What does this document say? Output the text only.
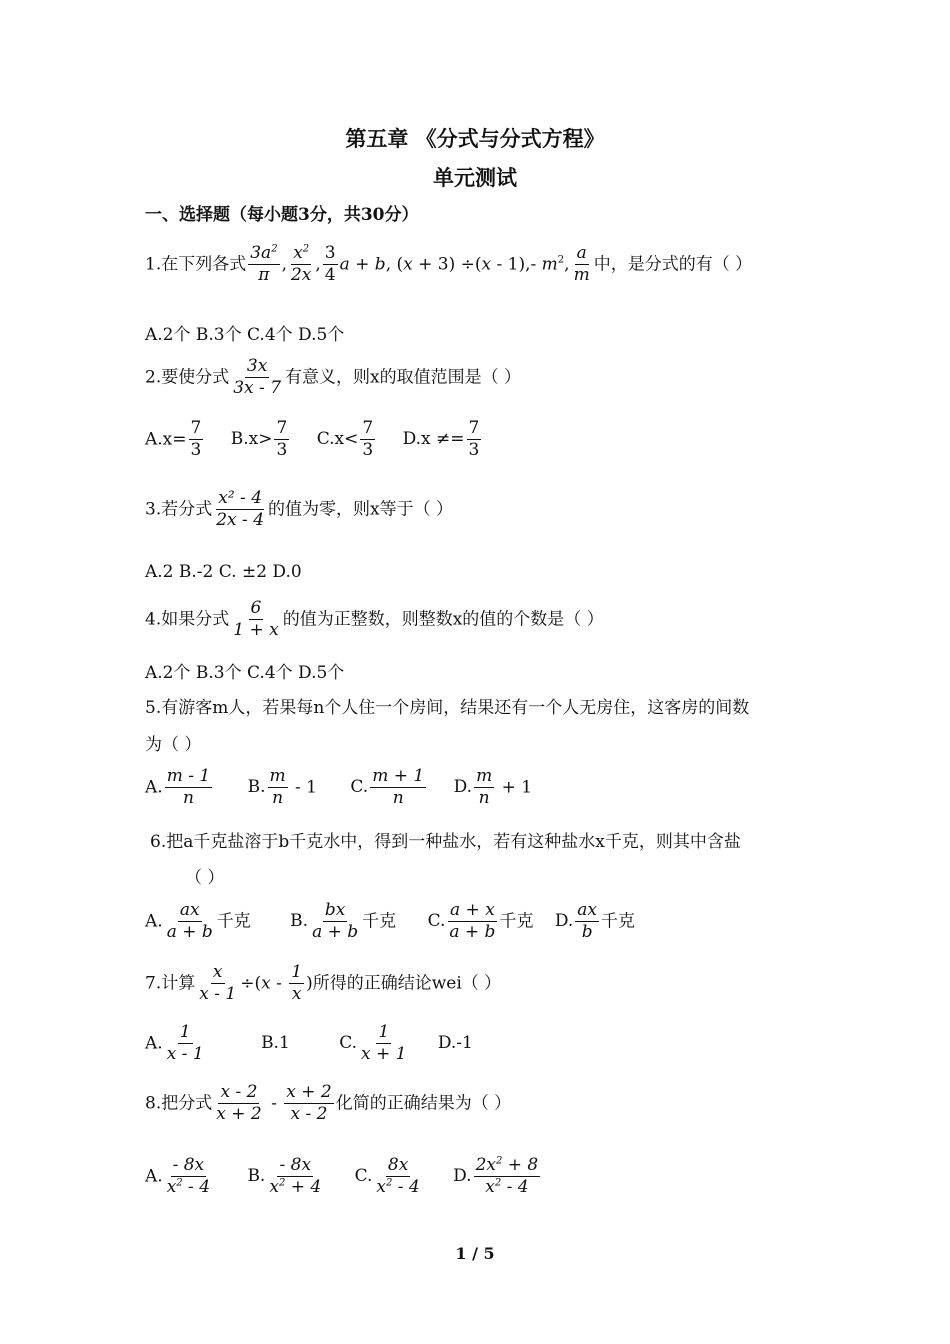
第五章 《分式与分式方程》
单元测试
一、选择题（每小题3分，共30分）
1.在下列各式 $\frac{3a^2}{\pi}$ , $\frac{x^2}{2x}$ , $\frac{3}{4}$ a + b, (x + 3) ÷(x - 1),- $m^2$, $\frac{a}{m}$ 中，是分式的有（ ）
A.2个 B.3个 C.4个 D.5个
2.要使分式 $\frac{3x}{3x - 7}$ 有意义，则x的取值范围是（ ）
$A.x= \frac{7}{3} B.x> \frac{7}{3} C.x< \frac{7}{3} D.x \ne= \frac{7}{3}$
3.若分式 $\frac{\text{x² - 4}}{2x - 4}$ 的值为零，则x等于（ ）
A.2 B.-2 C. ±2 D.0
4.如果分式 $\frac{6}{1 + x}$ 的值为正整数，则整数x的值的个数是（ ）
A.2个 B.3个 C.4个 D.5个
5.有游客m人，若果每n个人住一个房间，结果还有一个人无房住，这客房的间数
为（ ）
A. $\frac{m - 1}{n} B$. $\frac{m}{n} - 1$ C. $\frac{m + 1}{n} D$. $\frac{m}{n} + 1$
6.把a千克盐溶于b千克水中，得到一种盐水，若有这种盐水x千克，则其中含盐
（ ）
A. $\frac{ax}{a + b}$ 千克 B. $\frac{bx}{a + b}$ 千克 C. $\frac{a + x}{a + b}$ 千克 D. $\frac{ax}{b}$ 千克
7.计算 $\frac{x}{x - 1} \div(x - \frac{1}{x}$ )所得的正确结论wei（ ）
A. $\frac{1}{x - 1}$	B.1	C. $\frac{1}{x + 1} D.-1$
8.把分式 $\frac{x - 2}{x + 2} - \frac{x + 2}{x - 2}$ 化简的正确结果为（ ）
A. $\frac{- 8x}{x^2 - 4} B$. $\frac{- 8x}{x^2 + 4} C$. $\frac{8x}{x^2 - 4} D$. $\frac{2x^2 + 8}{x^2 - 4}$
1 / 5
